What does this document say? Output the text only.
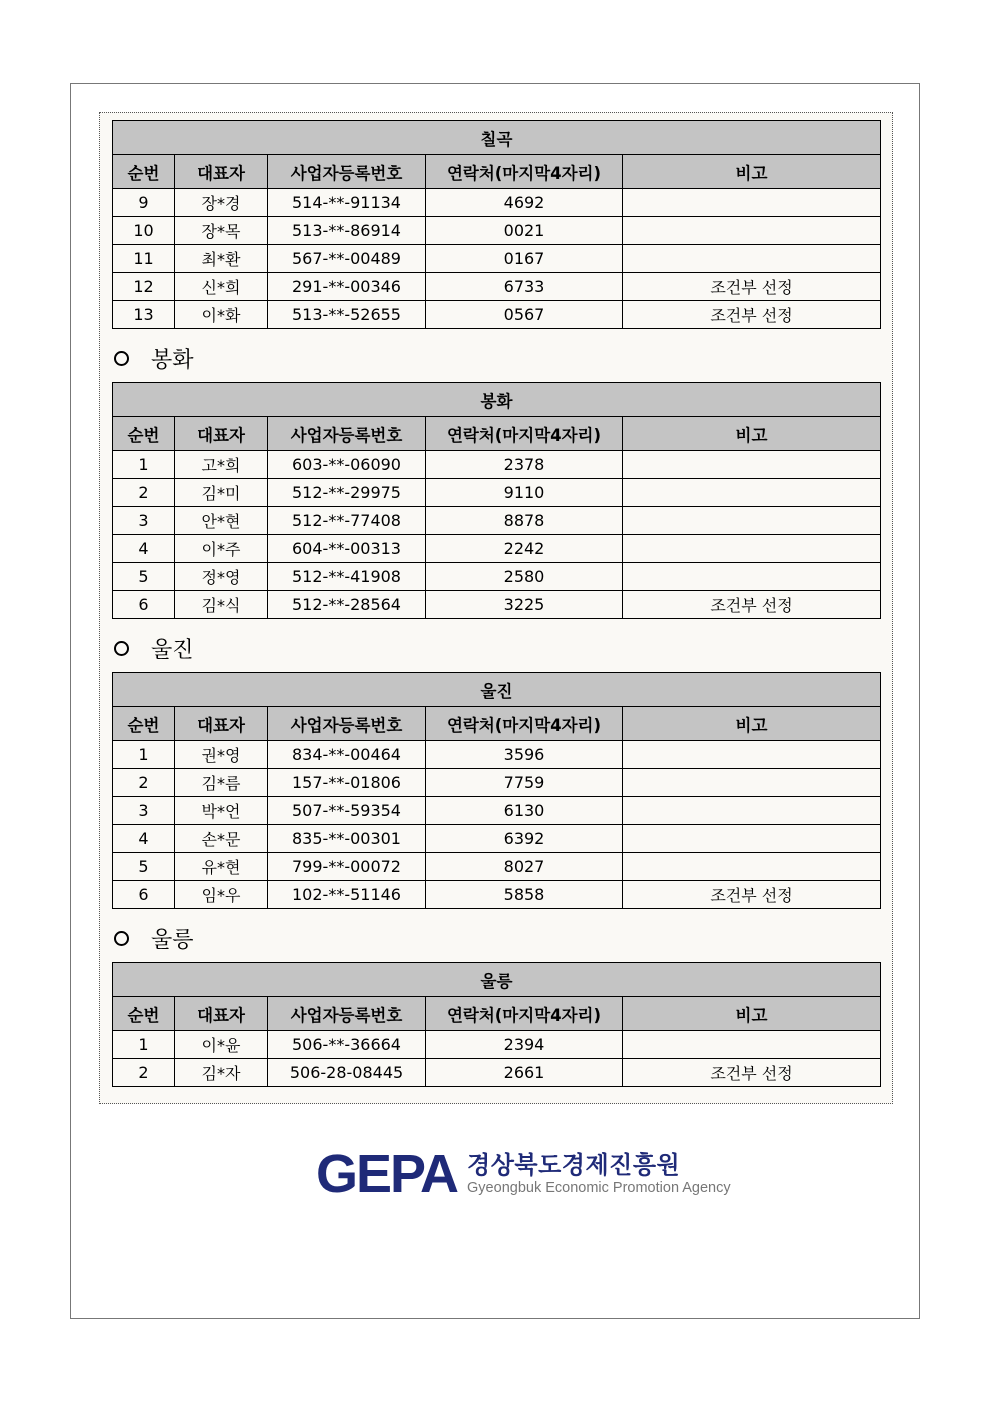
칠곡				
순번	대표자	사업자등록번호	연락처(마지막4자리)	비고
9	장*경	514-**-91134	4692	
10	장*목	513-**-86914	0021	
11	최*환	567-**-00489	0167	
12	신*희	291-**-00346	6733	조건부 선정
13	이*화	513-**-52655	0567	조건부 선정
봉화
봉화				
순번	대표자	사업자등록번호	연락처(마지막4자리)	비고
1	고*희	603-**-06090	2378	
2	김*미	512-**-29975	9110	
3	안*현	512-**-77408	8878	
4	이*주	604-**-00313	2242	
5	정*영	512-**-41908	2580	
6	김*식	512-**-28564	3225	조건부 선정
울진
울진				
순번	대표자	사업자등록번호	연락처(마지막4자리)	비고
1	권*영	834-**-00464	3596	
2	김*름	157-**-01806	7759	
3	박*언	507-**-59354	6130	
4	손*문	835-**-00301	6392	
5	유*현	799-**-00072	8027	
6	임*우	102-**-51146	5858	조건부 선정
울릉
울릉				
순번	대표자	사업자등록번호	연락처(마지막4자리)	비고
1	이*윤	506-**-36664	2394	
2	김*자	506-28-08445	2661	조건부 선정
GEPA 경상북도경제진흥원
Gyeongbuk Economic Promotion Agency
